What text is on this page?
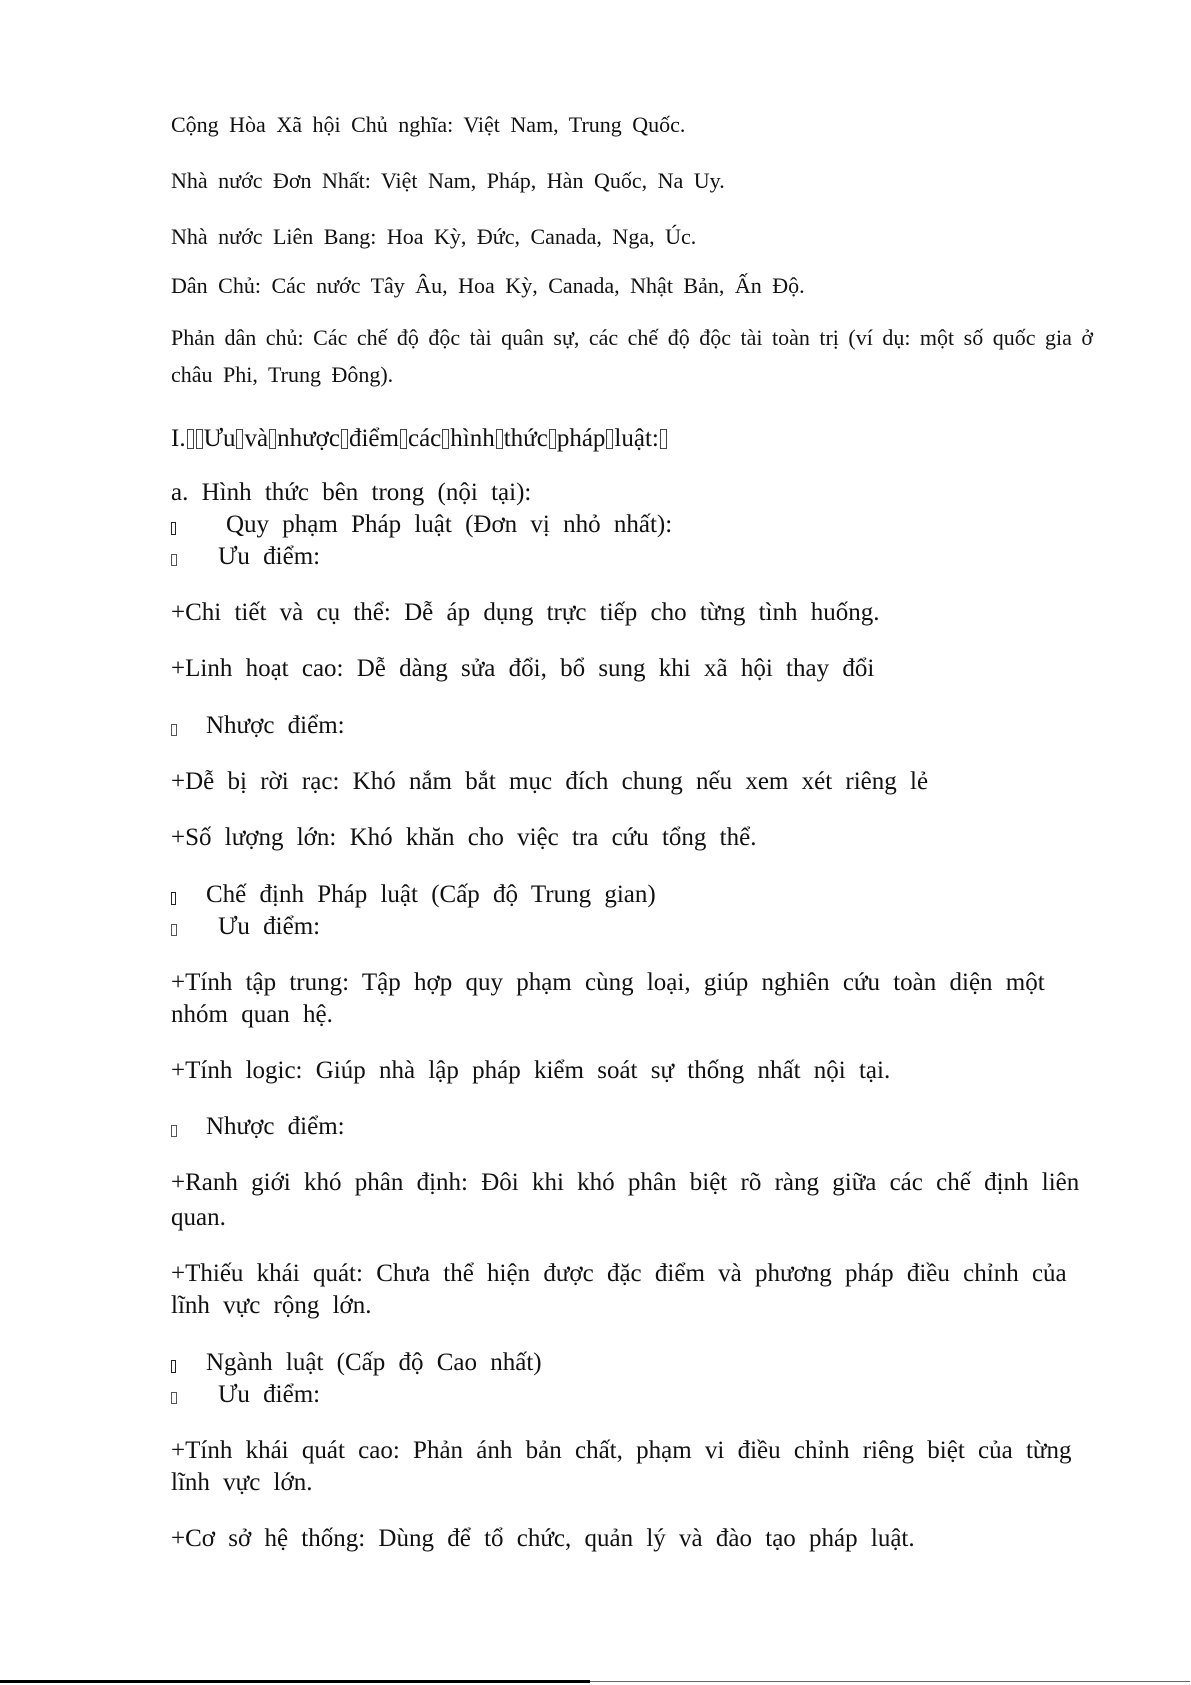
Cộng Hòa Xã hội Chủ nghĩa: Việt Nam, Trung Quốc.
Nhà nước Đơn Nhất: Việt Nam, Pháp, Hàn Quốc, Na Uy.
Nhà nước Liên Bang: Hoa Kỳ, Đức, Canada, Nga, Úc.
Dân Chủ: Các nước Tây Âu, Hoa Kỳ, Canada, Nhật Bản, Ấn Độ.
Phản dân chủ: Các chế độ độc tài quân sự, các chế độ độc tài toàn trị (ví dụ: một số quốc gia ở
châu Phi, Trung Đông).
I. Ưu và nhược điểm các hình thức pháp luật:
a. Hình thức bên trong (nội tại):
Quy phạm Pháp luật (Đơn vị nhỏ nhất):
Ưu điểm:
+Chi tiết và cụ thể: Dễ áp dụng trực tiếp cho từng tình huống.
+Linh hoạt cao: Dễ dàng sửa đổi, bổ sung khi xã hội thay đổi
Nhược điểm:
+Dễ bị rời rạc: Khó nắm bắt mục đích chung nếu xem xét riêng lẻ
+Số lượng lớn: Khó khăn cho việc tra cứu tổng thể.
Chế định Pháp luật (Cấp độ Trung gian)
Ưu điểm:
+Tính tập trung: Tập hợp quy phạm cùng loại, giúp nghiên cứu toàn diện một
nhóm quan hệ.
+Tính logic: Giúp nhà lập pháp kiểm soát sự thống nhất nội tại.
Nhược điểm:
+Ranh giới khó phân định: Đôi khi khó phân biệt rõ ràng giữa các chế định liên
quan.
+Thiếu khái quát: Chưa thể hiện được đặc điểm và phương pháp điều chỉnh của
lĩnh vực rộng lớn.
Ngành luật (Cấp độ Cao nhất)
Ưu điểm:
+Tính khái quát cao: Phản ánh bản chất, phạm vi điều chỉnh riêng biệt của từng
lĩnh vực lớn.
+Cơ sở hệ thống: Dùng để tổ chức, quản lý và đào tạo pháp luật.
